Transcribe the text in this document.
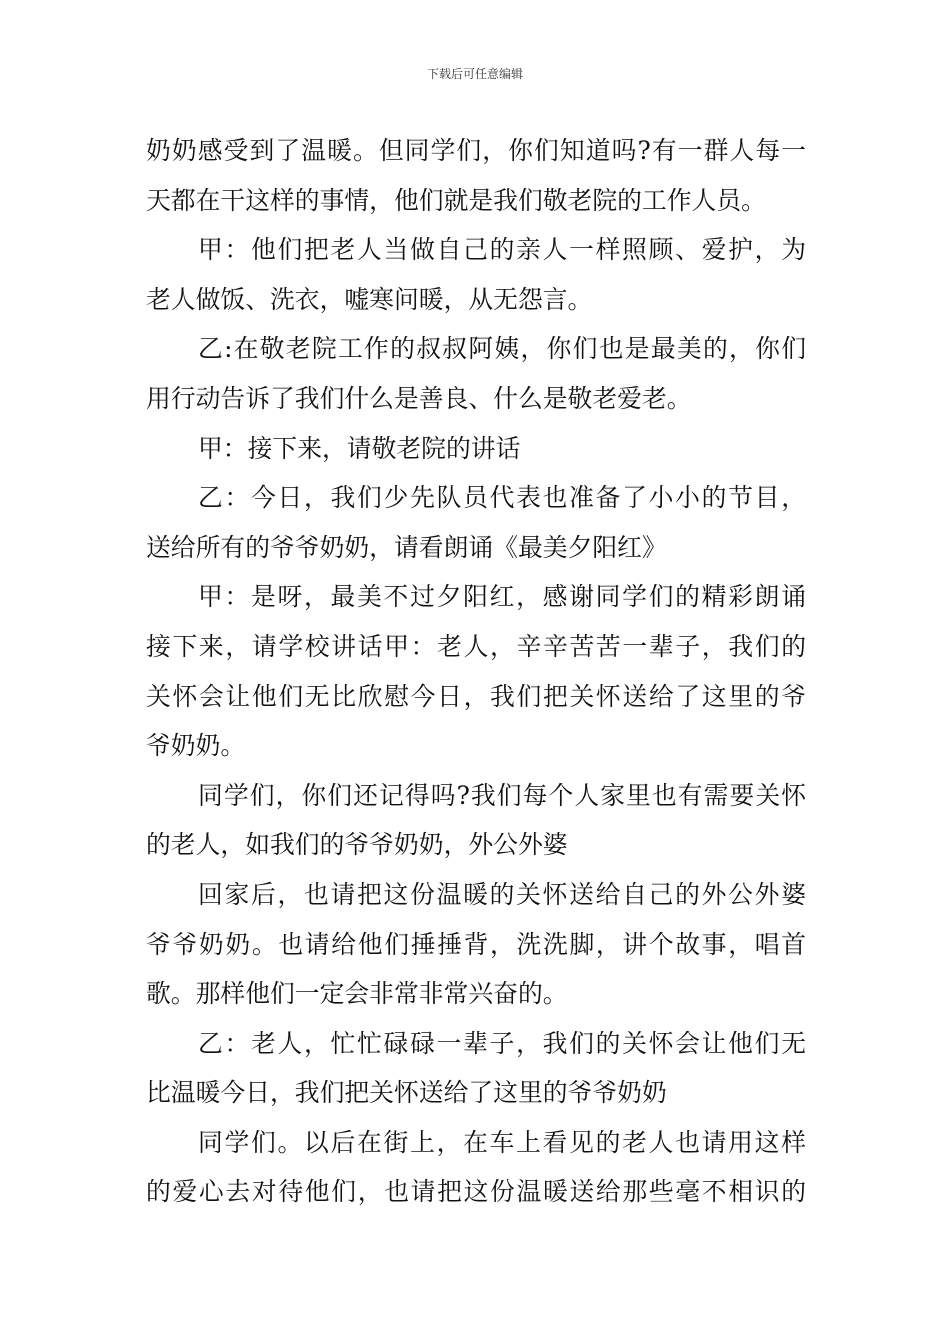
下载后可任意编辑
奶奶感受到了温暖。但同学们，你们知道吗?有一群人每一
天都在干这样的事情，他们就是我们敬老院的工作人员。
甲：他们把老人当做自己的亲人一样照顾、爱护，为
老人做饭、洗衣，嘘寒问暖，从无怨言。
乙:在敬老院工作的叔叔阿姨，你们也是最美的，你们
用行动告诉了我们什么是善良、什么是敬老爱老。
甲：接下来，请敬老院的讲话
乙：今日，我们少先队员代表也准备了小小的节目，
送给所有的爷爷奶奶，请看朗诵《最美夕阳红》
甲：是呀，最美不过夕阳红，感谢同学们的精彩朗诵
接下来，请学校讲话甲：老人，辛辛苦苦一辈子，我们的
关怀会让他们无比欣慰今日，我们把关怀送给了这里的爷
爷奶奶。
同学们，你们还记得吗?我们每个人家里也有需要关怀
的老人，如我们的爷爷奶奶，外公外婆
回家后，也请把这份温暖的关怀送给自己的外公外婆
爷爷奶奶。也请给他们捶捶背，洗洗脚，讲个故事，唱首
歌。那样他们一定会非常非常兴奋的。
乙：老人，忙忙碌碌一辈子，我们的关怀会让他们无
比温暖今日，我们把关怀送给了这里的爷爷奶奶
同学们。以后在街上，在车上看见的老人也请用这样
的爱心去对待他们，也请把这份温暖送给那些毫不相识的
